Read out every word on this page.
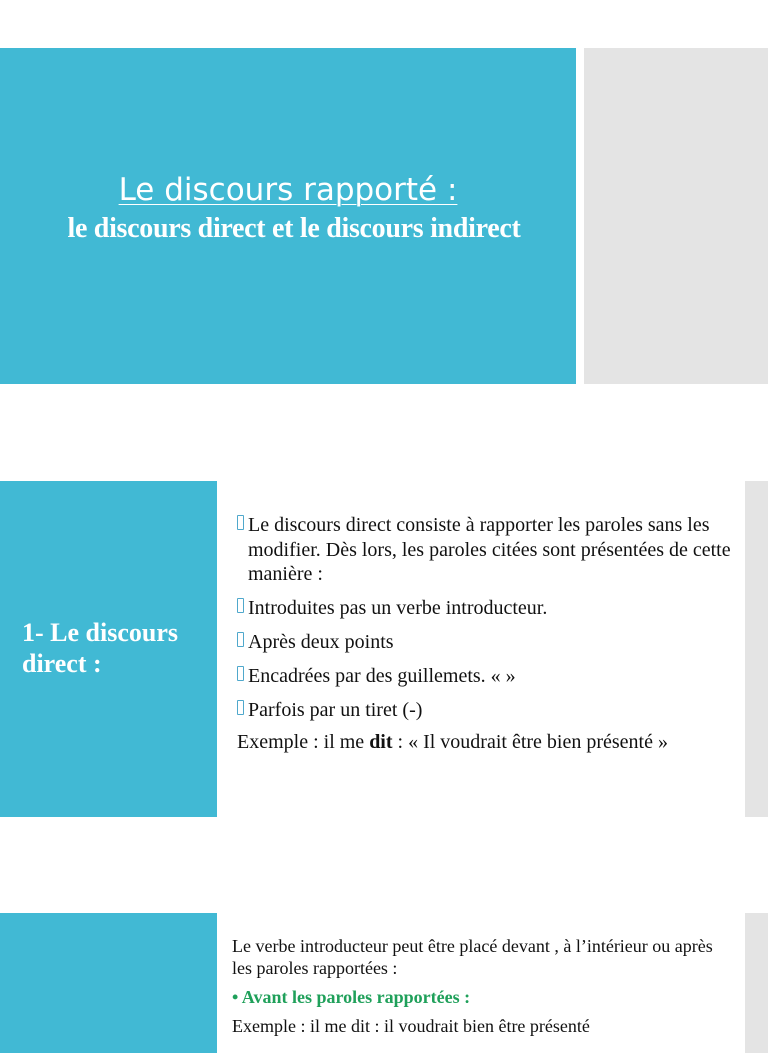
Le discours rapporté :
le discours direct et le discours indirect
1- Le discours direct :
Le discours direct consiste à rapporter les paroles sans les modifier. Dès lors, les paroles citées sont présentées de cette manière :
Introduites pas un verbe introducteur.
Après deux points
Encadrées par des guillemets. « »
Parfois par un tiret (-)
Exemple : il me dit : « Il voudrait être bien présenté »
Le verbe introducteur peut être placé devant , à l’intérieur ou après les paroles rapportées :
• Avant les paroles rapportées :
Exemple : il me dit : il voudrait bien être présenté
